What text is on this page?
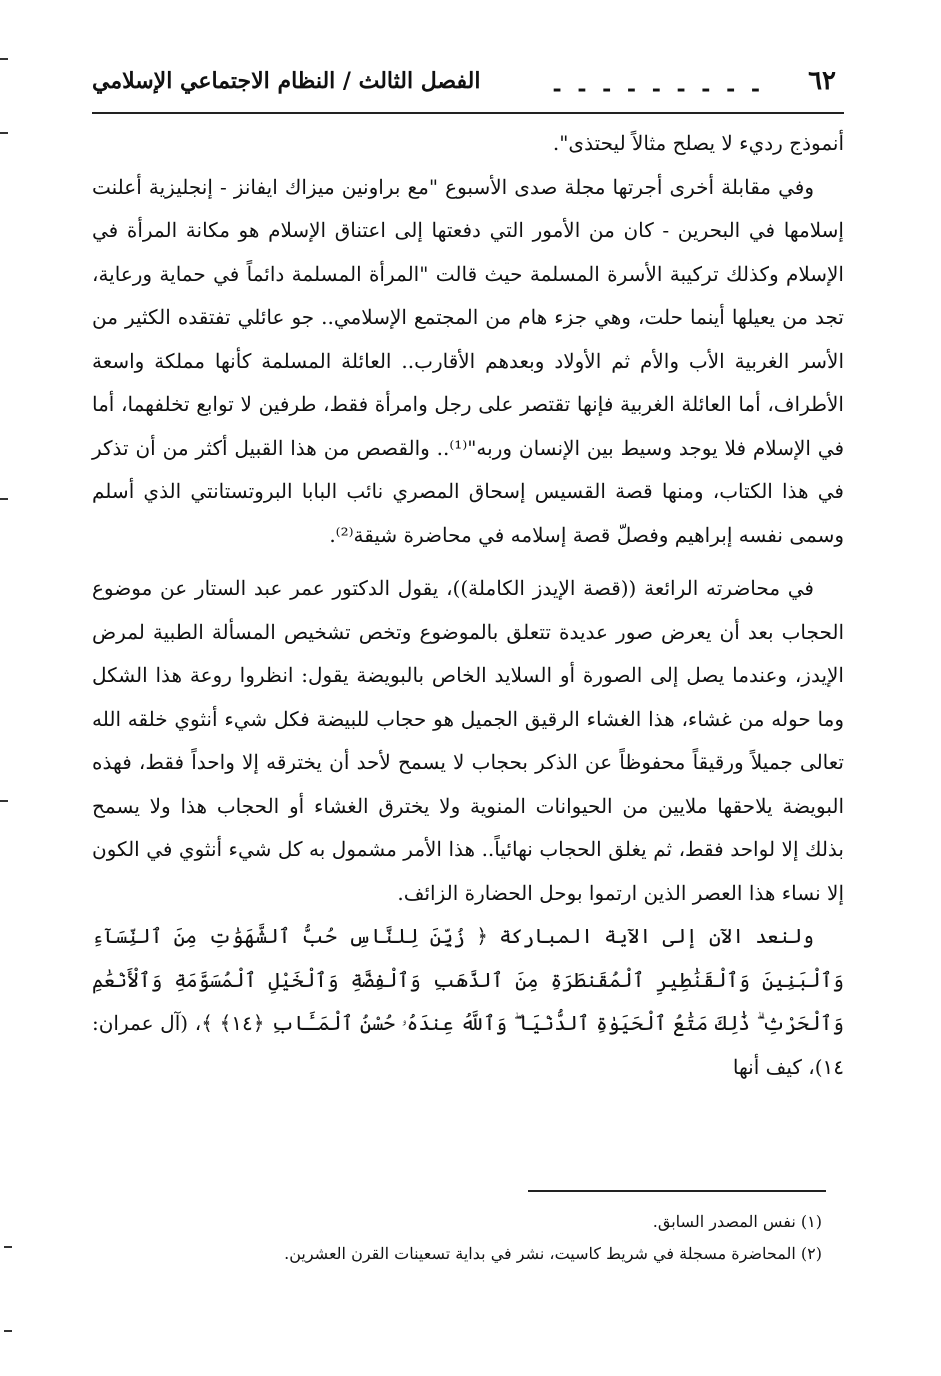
٦٢
- - - - - - - - -
الفصل الثالث / النظام الاجتماعي الإسلامي

أنموذج رديء لا يصلح مثالاً ليحتذى".

وفي مقابلة أخرى أجرتها مجلة صدى الأسبوع "مع براونين ميزاك ايفانز - إنجليزية أعلنت إسلامها في البحرين - كان من الأمور التي دفعتها إلى اعتناق الإسلام هو مكانة المرأة في الإسلام وكذلك تركيبة الأسرة المسلمة حيث قالت "المرأة المسلمة دائماً في حماية ورعاية، تجد من يعيلها أينما حلت، وهي جزء هام من المجتمع الإسلامي.. جو عائلي تفتقده الكثير من الأسر الغربية الأب والأم ثم الأولاد وبعدهم الأقارب.. العائلة المسلمة كأنها مملكة واسعة الأطراف، أما العائلة الغربية فإنها تقتصر على رجل وامرأة فقط، طرفين لا توابع تخلفهما، أما في الإسلام فلا يوجد وسيط بين الإنسان وربه"⁽¹⁾.. والقصص من هذا القبيل أكثر من أن تذكر في هذا الكتاب، ومنها قصة القسيس إسحاق المصري نائب البابا البروتستانتي الذي أسلم وسمى نفسه إبراهيم وفصلّ قصة إسلامه في محاضرة شيقة⁽²⁾.

في محاضرته الرائعة ((قصة الإيدز الكاملة))، يقول الدكتور عمر عبد الستار عن موضوع الحجاب بعد أن يعرض صور عديدة تتعلق بالموضوع وتخص تشخيص المسألة الطبية لمرض الإيدز، وعندما يصل إلى الصورة أو السلايد الخاص بالبويضة يقول: انظروا روعة هذا الشكل وما حوله من غشاء، هذا الغشاء الرقيق الجميل هو حجاب للبيضة فكل شيء أنثوي خلقه الله تعالى جميلاً ورقيقاً محفوظاً عن الذكر بحجاب لا يسمح لأحد أن يخترقه إلا واحداً فقط، فهذه البويضة يلاحقها ملايين من الحيوانات المنوية ولا يخترق الغشاء أو الحجاب هذا ولا يسمح بذلك إلا لواحد فقط، ثم يغلق الحجاب نهائياً.. هذا الأمر مشمول به كل شيء أنثوي في الكون إلا نساء هذا العصر الذين ارتموا بوحل الحضارة الزائف.

ولنعد الآن إلى الآية المباركة ﴿ زُيِّنَ لِلنَّاسِ حُبُّ ٱلشَّهَوَٰتِ مِنَ ٱلنِّسَآءِ وَٱلْبَنِينَ وَٱلْقَنَٰطِيرِ ٱلْمُقَنطَرَةِ مِنَ ٱلذَّهَبِ وَٱلْفِضَّةِ وَٱلْخَيْلِ ٱلْمُسَوَّمَةِ وَٱلْأَنْعَٰمِ وَٱلْحَرْثِ ۗ ذَٰلِكَ مَتَٰعُ ٱلْحَيَوٰةِ ٱلدُّنْيَا ۖ وَٱللَّهُ عِندَهُۥ حُسْنُ ٱلْمَـَٔابِ ﴿١٤﴾ ﴾، (آل عمران: ١٤)، كيف أنها

(١) نفس المصدر السابق.
(٢) المحاضرة مسجلة في شريط كاسيت، نشر في بداية تسعينات القرن العشرين.
